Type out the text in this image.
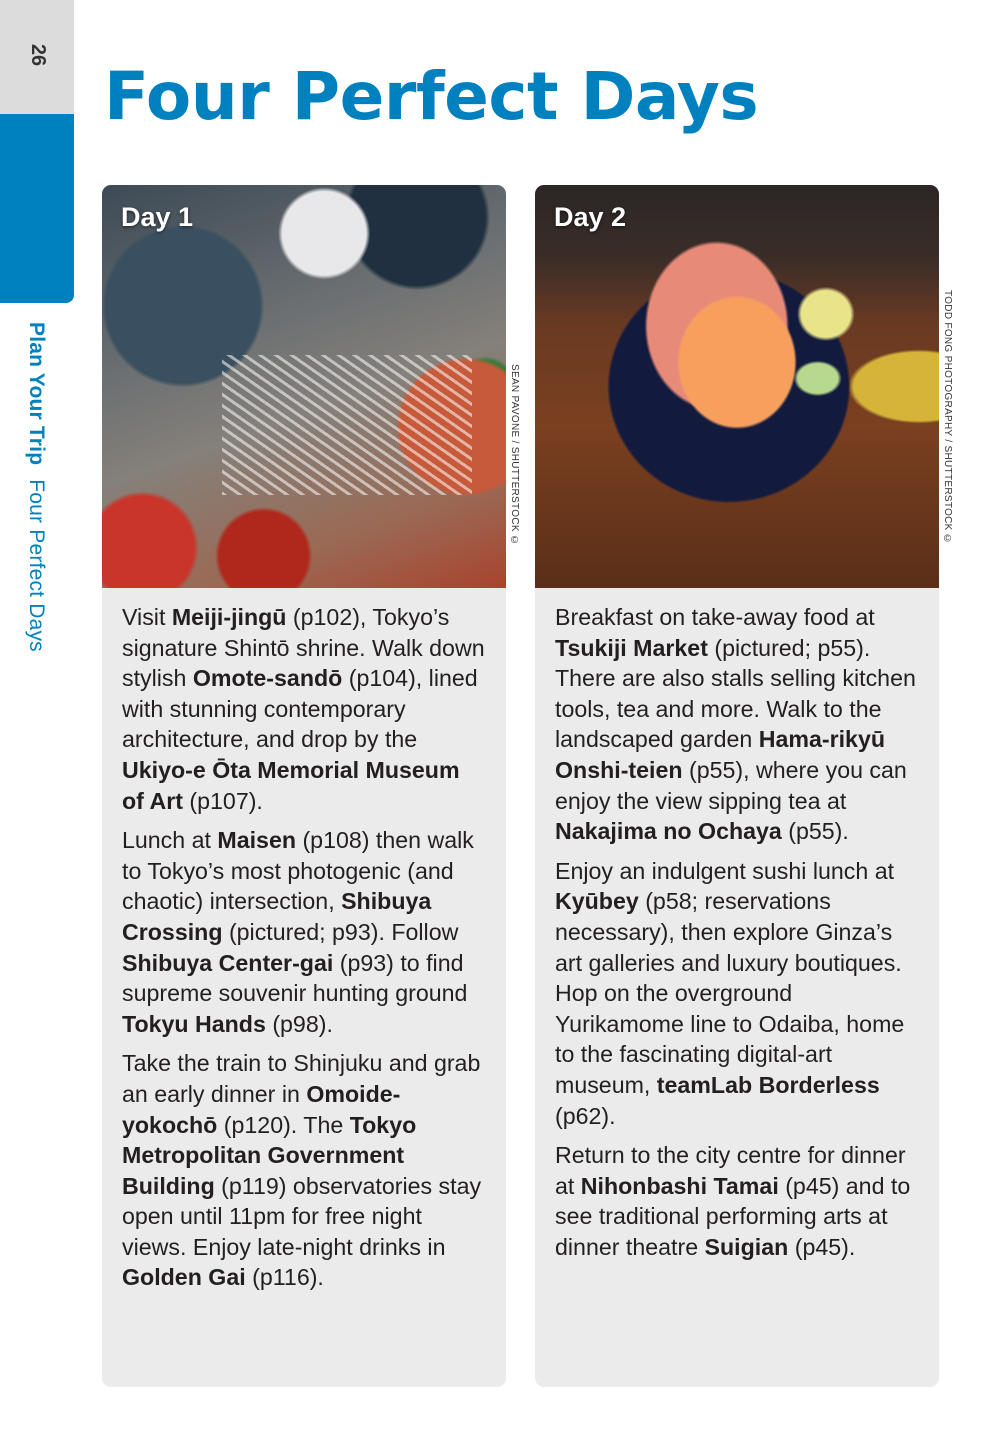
26
Plan Your Trip Four Perfect Days
Four Perfect Days
Day 1

Visit Meiji-jingū (p102), Tokyo’s signature Shintō shrine. Walk down stylish Omote-sandō (p104), lined with stunning contemporary architecture, and drop by the Ukiyo-e Ōta Memorial Museum of Art (p107).

Lunch at Maisen (p108) then walk to Tokyo’s most photogenic (and chaotic) intersection, Shibuya Crossing (pictured; p93). Follow Shibuya Center-gai (p93) to find supreme souvenir hunting ground Tokyu Hands (p98).

Take the train to Shinjuku and grab an early dinner in Omoide-yokochō (p120). The Tokyo Metropolitan Government Building (p119) observatories stay open until 11pm for free night views. Enjoy late-night drinks in Golden Gai (p116).

SEAN PAVONE / SHUTTERSTOCK ©
Day 2

Breakfast on take-away food at Tsukiji Market (pictured; p55). There are also stalls selling kitchen tools, tea and more. Walk to the landscaped garden Hama-rikyū Onshi-teien (p55), where you can enjoy the view sipping tea at Nakajima no Ochaya (p55).

Enjoy an indulgent sushi lunch at Kyūbey (p58; reservations necessary), then explore Ginza’s art galleries and luxury boutiques. Hop on the overground Yurikamome line to Odaiba, home to the fascinating digital-art museum, teamLab Borderless (p62).

Return to the city centre for dinner at Nihonbashi Tamai (p45) and to see traditional performing arts at dinner theatre Suigian (p45).

TODD FONG PHOTOGRAPHY / SHUTTERSTOCK ©
